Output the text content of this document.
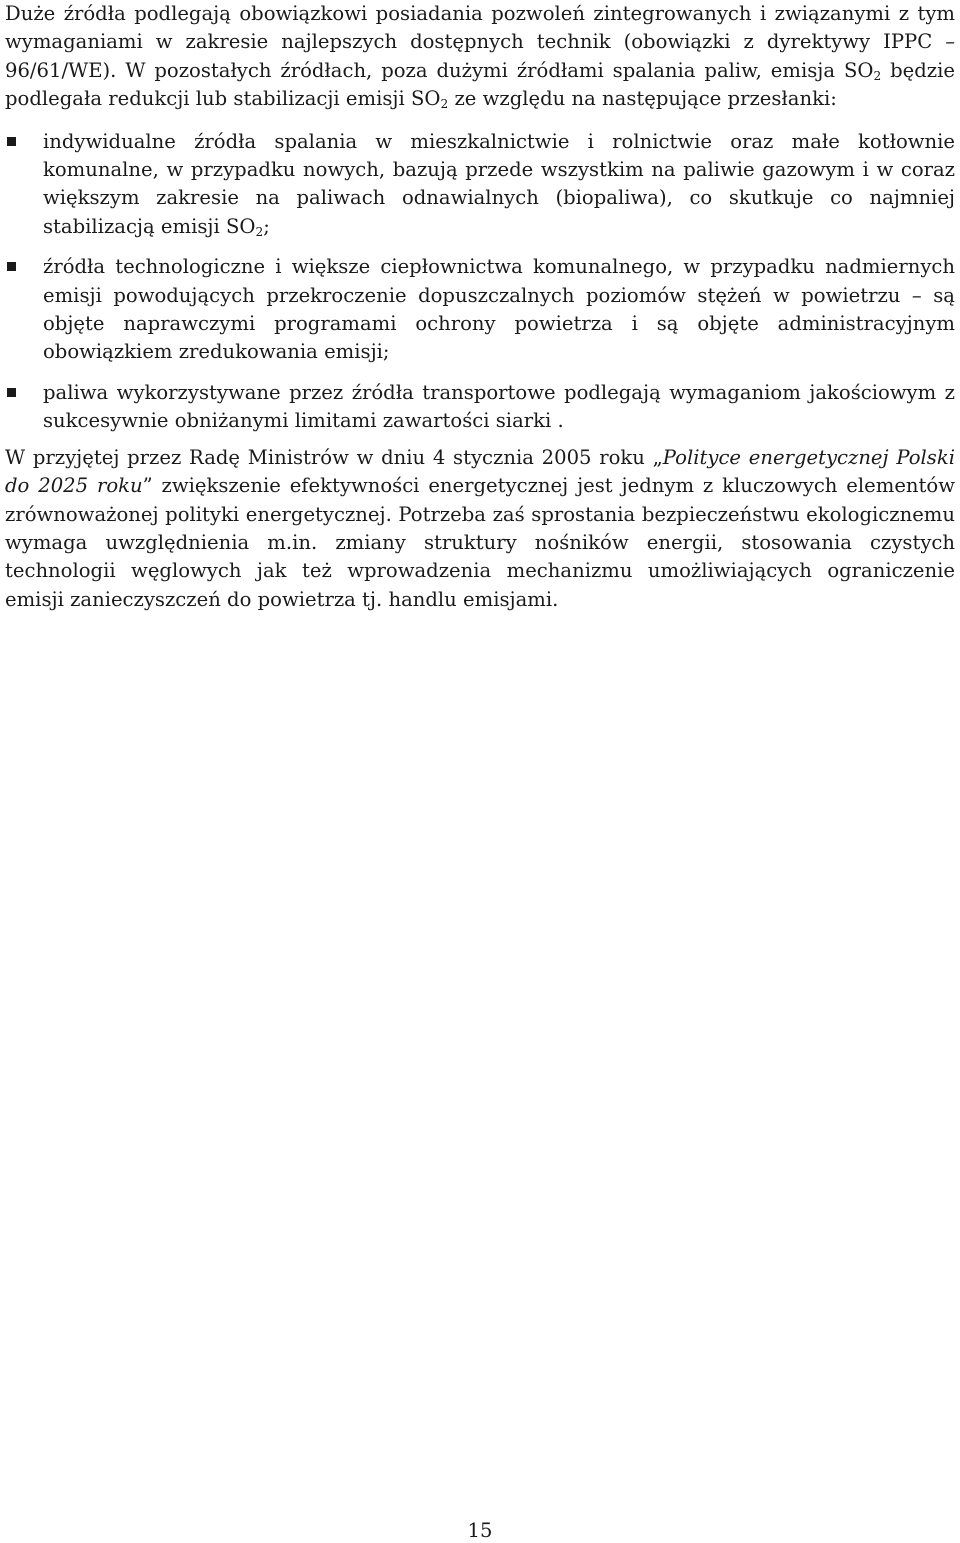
Duże źródła podlegają obowiązkowi posiadania pozwoleń zintegrowanych i związanymi z tym wymaganiami w zakresie najlepszych dostępnych technik (obowiązki z dyrektywy IPPC – 96/61/WE). W pozostałych źródłach, poza dużymi źródłami spalania paliw, emisja $SO_2$ będzie podlegała redukcji lub stabilizacji emisji $SO_2$ ze względu na następujące przesłanki:

indywidualne źródła spalania w mieszkalnictwie i rolnictwie oraz małe kotłownie komunalne, w przypadku nowych, bazują przede wszystkim na paliwie gazowym i w coraz większym zakresie na paliwach odnawialnych (biopaliwa), co skutkuje co najmniej stabilizacją emisji $SO_2$;
źródła technologiczne i większe ciepłownictwa komunalnego, w przypadku nadmiernych emisji powodujących przekroczenie dopuszczalnych poziomów stężeń w powietrzu – są objęte naprawczymi programami ochrony powietrza i są objęte administracyjnym obowiązkiem zredukowania emisji;
paliwa wykorzystywane przez źródła transportowe podlegają wymaganiom jakościowym z sukcesywnie obniżanymi limitami zawartości siarki .

W przyjętej przez Radę Ministrów w dniu 4 stycznia 2005 roku „Polityce energetycznej Polski do 2025 roku” zwiększenie efektywności energetycznej jest jednym z kluczowych elementów zrównoważonej polityki energetycznej. Potrzeba zaś sprostania bezpieczeństwu ekologicznemu wymaga uwzględnienia m.in. zmiany struktury nośników energii, stosowania czystych technologii węglowych jak też wprowadzenia mechanizmu umożliwiających ograniczenie emisji zanieczyszczeń do powietrza tj. handlu emisjami.

15
